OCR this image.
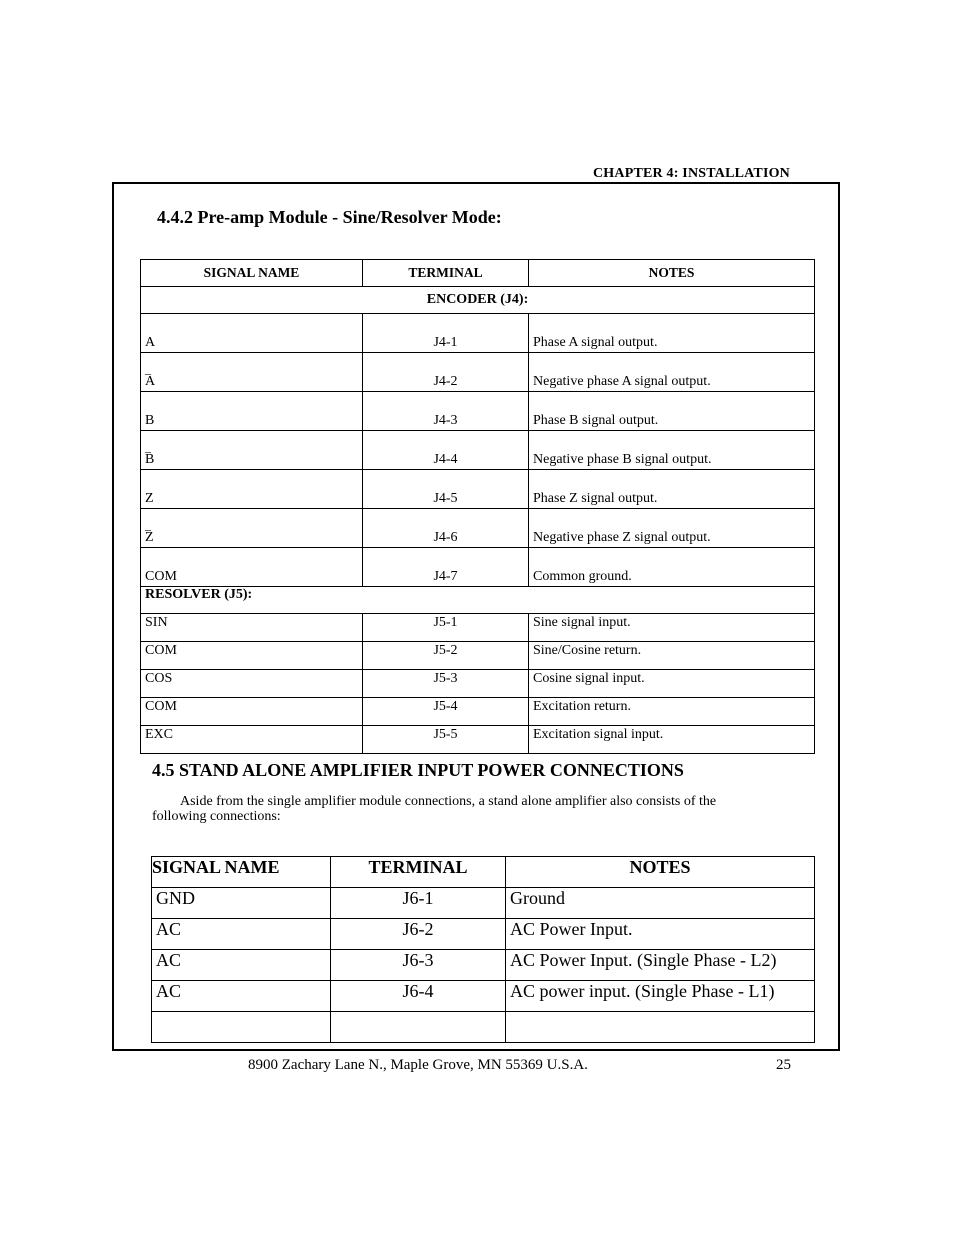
CHAPTER 4: INSTALLATION
4.4.2 Pre-amp Module - Sine/Resolver Mode:
SIGNAL NAME	TERMINAL	NOTES
ENCODER (J4):		
A	J4-1	Phase A signal output.

_
A	J4-2	Negative phase A signal output.
B	J4-3	Phase B signal output.

_
B	J4-4	Negative phase B signal output.
Z	J4-5	Phase Z signal output.

_
Z	J4-6	Negative phase Z signal output.
COM	J4-7	Common ground.
RESOLVER (J5):		
SIN	J5-1	Sine signal input.
COM	J5-2	Sine/Cosine return.
COS	J5-3	Cosine signal input.
COM	J5-4	Excitation return.
EXC	J5-5	Excitation signal input.
4.5 STAND ALONE AMPLIFIER INPUT POWER CONNECTIONS
Aside from the single amplifier module connections, a stand alone amplifier also consists of the
following connections:
SIGNAL NAME	TERMINAL	NOTES
GND	J6-1	Ground
AC	J6-2	AC Power Input.
AC	J6-3	AC Power Input. (Single Phase - L2)
AC	J6-4	AC power input. (Single Phase - L1)

8900 Zachary Lane N., Maple Grove, MN 55369 U.S.A.	25
